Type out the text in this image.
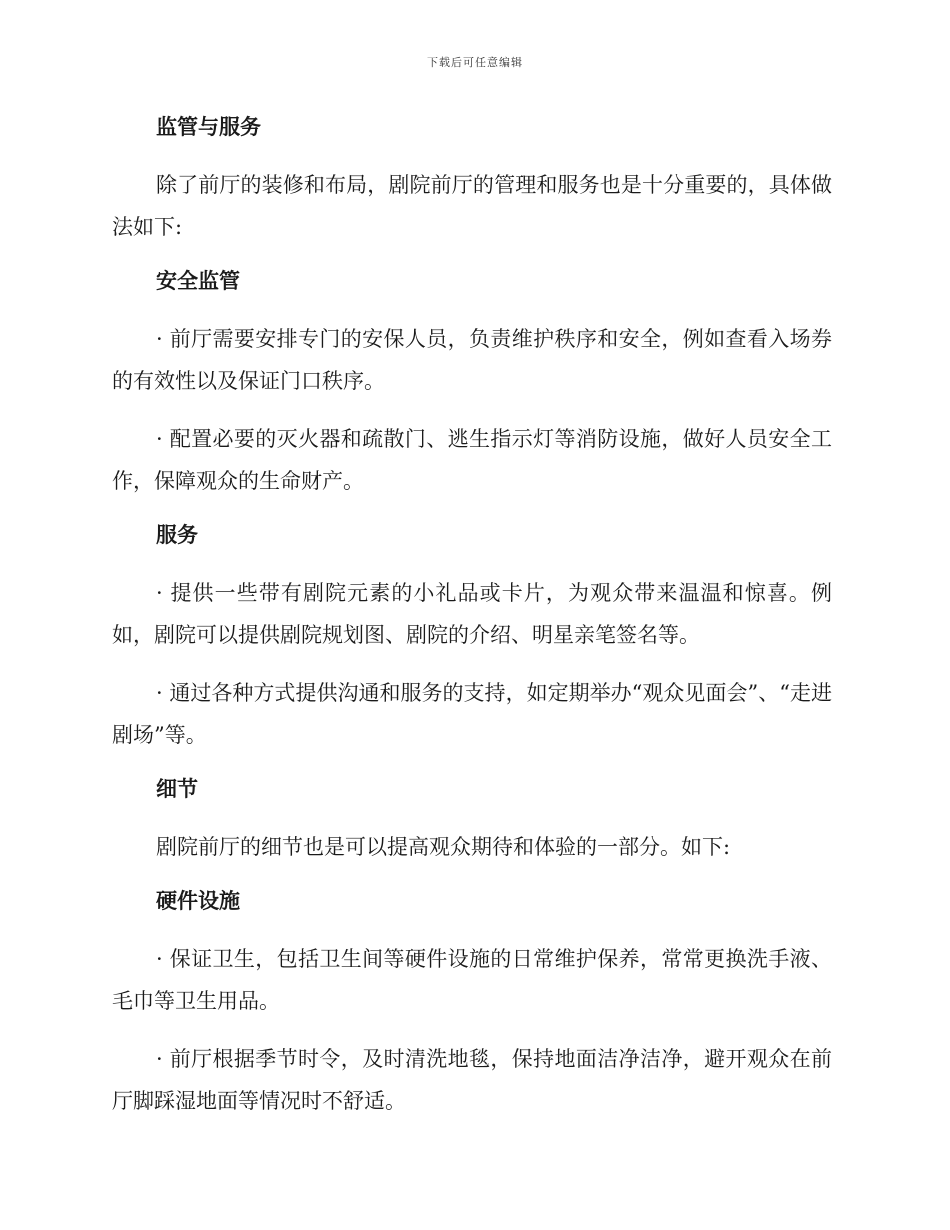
下载后可任意编辑
监管与服务

除了前厅的装修和布局，剧院前厅的管理和服务也是十分重要的，具体做法如下:

安全监管

· 前厅需要安排专门的安保人员，负责维护秩序和安全，例如查看入场券的有效性以及保证门口秩序。

· 配置必要的灭火器和疏散门、逃生指示灯等消防设施，做好人员安全工作，保障观众的生命财产。

服务

· 提供一些带有剧院元素的小礼品或卡片，为观众带来温温和惊喜。例如，剧院可以提供剧院规划图、剧院的介绍、明星亲笔签名等。

· 通过各种方式提供沟通和服务的支持，如定期举办“观众见面会”、“走进剧场”等。

细节

剧院前厅的细节也是可以提高观众期待和体验的一部分。如下:

硬件设施

· 保证卫生，包括卫生间等硬件设施的日常维护保养，常常更换洗手液、毛巾等卫生用品。

· 前厅根据季节时令，及时清洗地毯，保持地面洁净洁净，避开观众在前厅脚踩湿地面等情况时不舒适。
